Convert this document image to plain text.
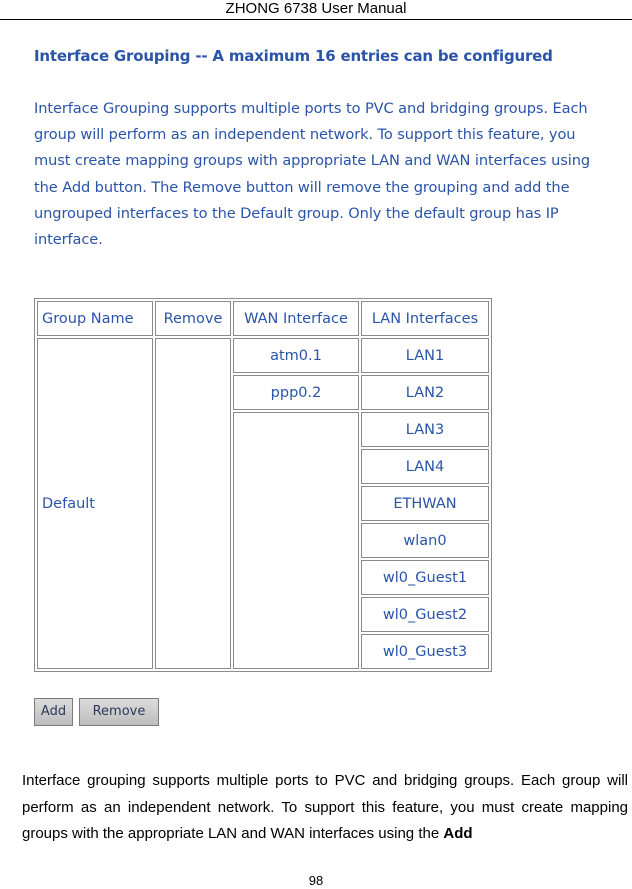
ZHONG 6738 User Manual
Interface Grouping -- A maximum 16 entries can be configured
Interface Grouping supports multiple ports to PVC and bridging groups. Each group will perform as an independent network. To support this feature, you must create mapping groups with appropriate LAN and WAN interfaces using the Add button. The Remove button will remove the grouping and add the ungrouped interfaces to the Default group. Only the default group has IP interface.
Group Name	Remove	WAN Interface	LAN Interfaces
Default		atm0.1	LAN1
		ppp0.2	LAN2
			LAN3
			LAN4
			ETHWAN
			wlan0
			wl0_Guest1
			wl0_Guest2
			wl0_Guest3
Add	Remove
Interface grouping supports multiple ports to PVC and bridging groups. Each group will perform as an independent network. To support this feature, you must create mapping groups with the appropriate LAN and WAN interfaces using the Add
98
